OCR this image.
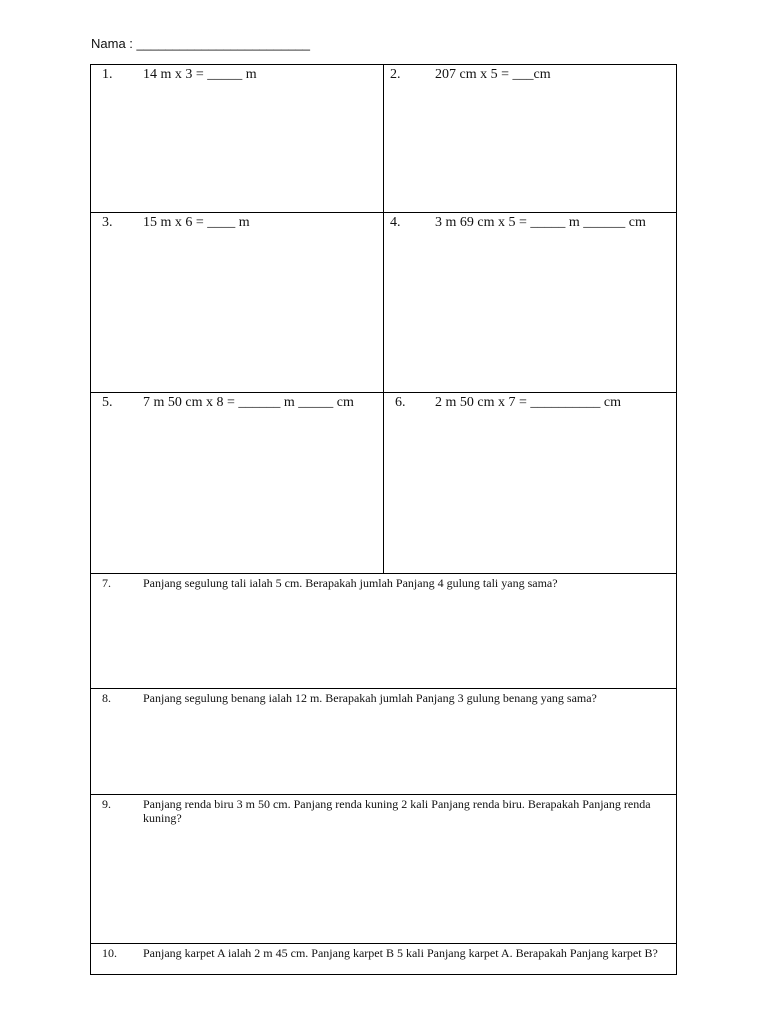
Nama : ________________________
1. 14 m x 3 = _____ m	2. 207 cm x 5 = ___cm
3. 15 m x 6 = ____ m	4. 3 m 69 cm x 5 = _____ m ______ cm
5. 7 m 50 cm x 8 = ______ m _____ cm	6. 2 m 50 cm x 7 = __________ cm
7.	Panjang segulung tali ialah 5 cm. Berapakah jumlah Panjang 4 gulung tali yang sama?
8.	Panjang segulung benang ialah 12 m. Berapakah jumlah Panjang 3 gulung benang yang sama?
9.	Panjang renda biru 3 m 50 cm. Panjang renda kuning 2 kali Panjang renda biru. Berapakah Panjang renda kuning?
10. Panjang karpet A ialah 2 m 45 cm. Panjang karpet B 5 kali Panjang karpet A. Berapakah Panjang karpet B?
